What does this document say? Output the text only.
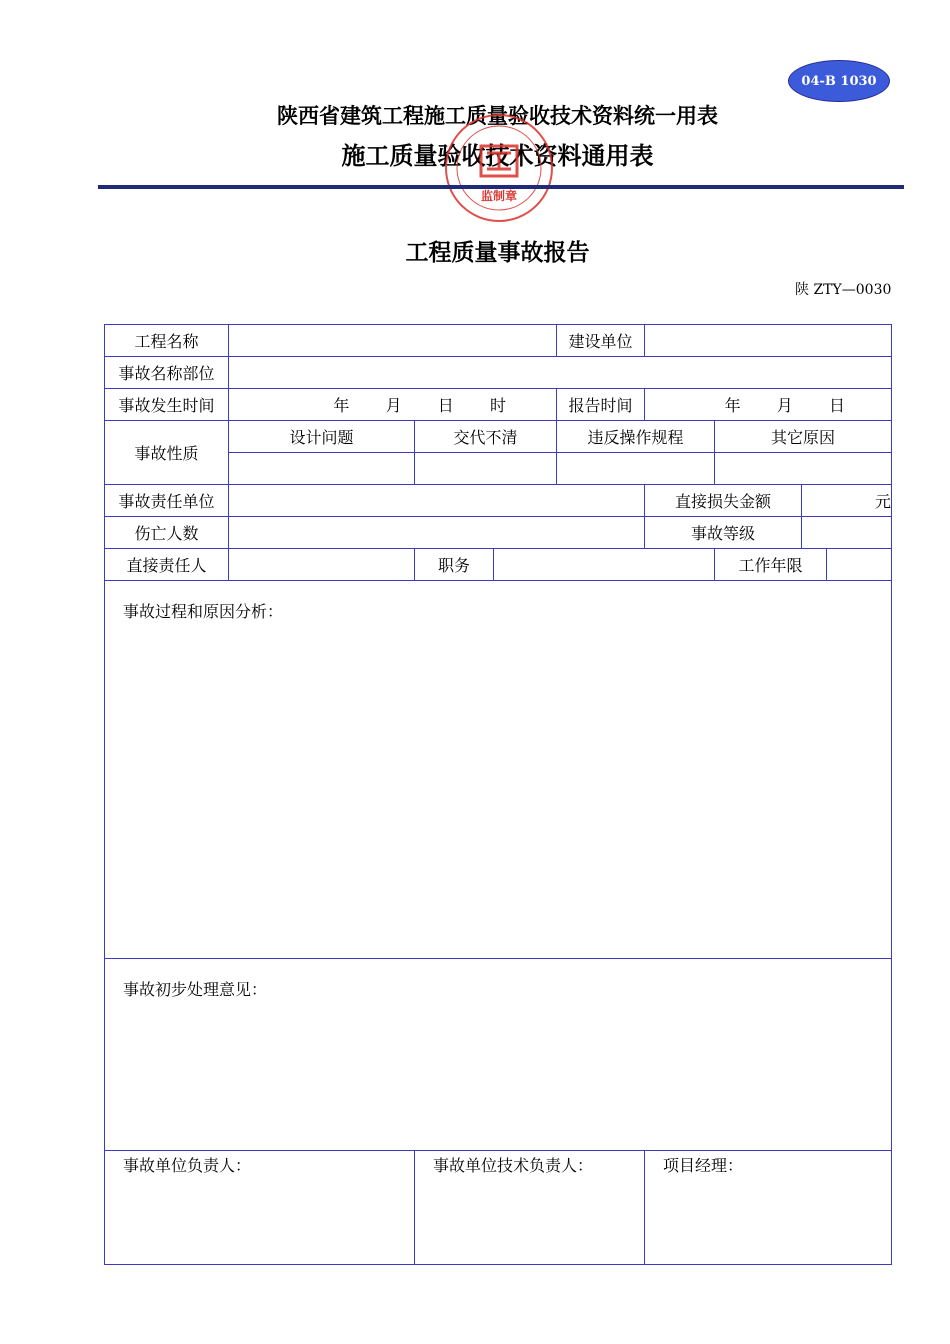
04-B 1030
陕西省建筑工程施工质量验收技术资料统一用表
施工质量验收技术资料通用表
监制章
工程质量事故报告
陕 ZTY—0030
工程名称				建设单位				
事故名称部位								
事故发生时间	年 月 日 时			报告时间	年 月 日			
事故性质	设计问题	交代不清		违反操作规程		其它原因		

事故责任单位					直接损失金额		元	
伤亡人数					事故等级			
直接责任人		职务				工作年限		
事故过程和原因分析：								
事故初步处理意见：								
事故单位负责人：		事故单位技术负责人：			项目经理：			
